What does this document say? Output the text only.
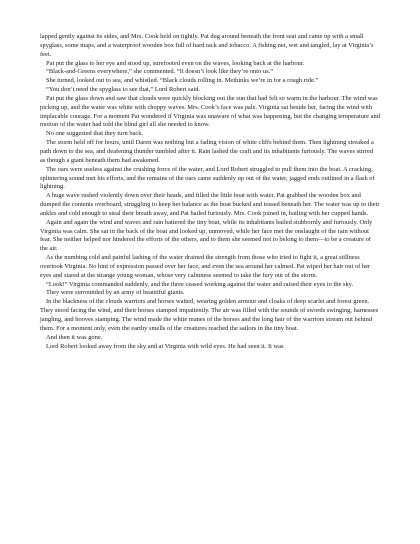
lapped gently against its sides, and Mrs. Cook held on tightly. Pat dug around beneath the front seat and came up with a small spyglass, some maps, and a waterproof wooden box full of hard tack and tobacco. A fishing net, wet and tangled, lay at Virginia’s feet.

Pat put the glass to her eye and stood up, surefooted even on the waves, looking back at the harbour.

“Black-and-Greens everywhere,” she commented. “It doesn’t look like they’re onto us.”

She turned, looked out to sea, and whistled. “Black clouds rolling in. Methinks we’re in for a rough ride.”

“You don’t need the spyglass to see that,” Lord Robert said.

Pat put the glass down and saw that clouds were quickly blocking out the sun that had felt so warm in the harbour. The wind was picking up, and the water was white with choppy waves. Mrs. Cook’s face was pale. Virginia sat beside her, facing the wind with implacable courage. For a moment Pat wondered if Virginia was unaware of what was happening, but the changing temperature and motion of the water had told the blind girl all she needed to know.

No one suggested that they turn back.

The storm held off for hours, until Daren was nothing but a fading vision of white cliffs behind them. Then lightning streaked a path down to the sea, and deafening thunder tumbled after it. Rain lashed the craft and its inhabitants furiously. The waves stirred as though a giant beneath them had awakened.

The oars were useless against the crushing force of the water, and Lord Robert struggled to pull them into the boat. A cracking, splintering sound met his efforts, and the remains of the oars came suddenly up out of the water, jagged ends outlined in a flash of lightning.

A huge wave rushed violently down over their heads, and filled the little boat with water. Pat grabbed the wooden box and dumped the contents overboard, struggling to keep her balance as the boat bucked and tossed beneath her. The water was up to their ankles and cold enough to steal their breath away, and Pat bailed furiously. Mrs. Cook joined in, bailing with her cupped hands.

Again and again the wind and waves and rain battered the tiny boat, while its inhabitants bailed stubbornly and furiously. Only Virginia was calm. She sat in the back of the boat and looked up, unmoved, while her face met the onslaught of the rain without fear. She neither helped nor hindered the efforts of the others, and to them she seemed not to belong to them—to be a creature of the air.

As the numbing cold and painful lashing of the water drained the strength from those who tried to fight it, a great stillness overtook Virginia. No hint of expression passed over her face, and even the sea around her calmed. Pat wiped her hair out of her eyes and stared at the strange young woman, whose very calmness seemed to take the fury out of the storm.

“Look!” Virginia commanded suddenly, and the three ceased working against the water and raised their eyes to the sky.

They were surrounded by an army of beautiful giants.

In the blackness of the clouds warriors and horses waited, wearing golden armour and cloaks of deep scarlet and forest green. They stood facing the wind, and their horses stamped impatiently. The air was filled with the sounds of swords swinging, harnesses jangling, and hooves stamping. The wind made the white manes of the horses and the long hair of the warriors stream out behind them. For a moment only, even the earthy smells of the creatures reached the sailors in the tiny boat.

And then it was gone.

Lord Robert looked away from the sky and at Virginia with wild eyes. He had seen it. It was
